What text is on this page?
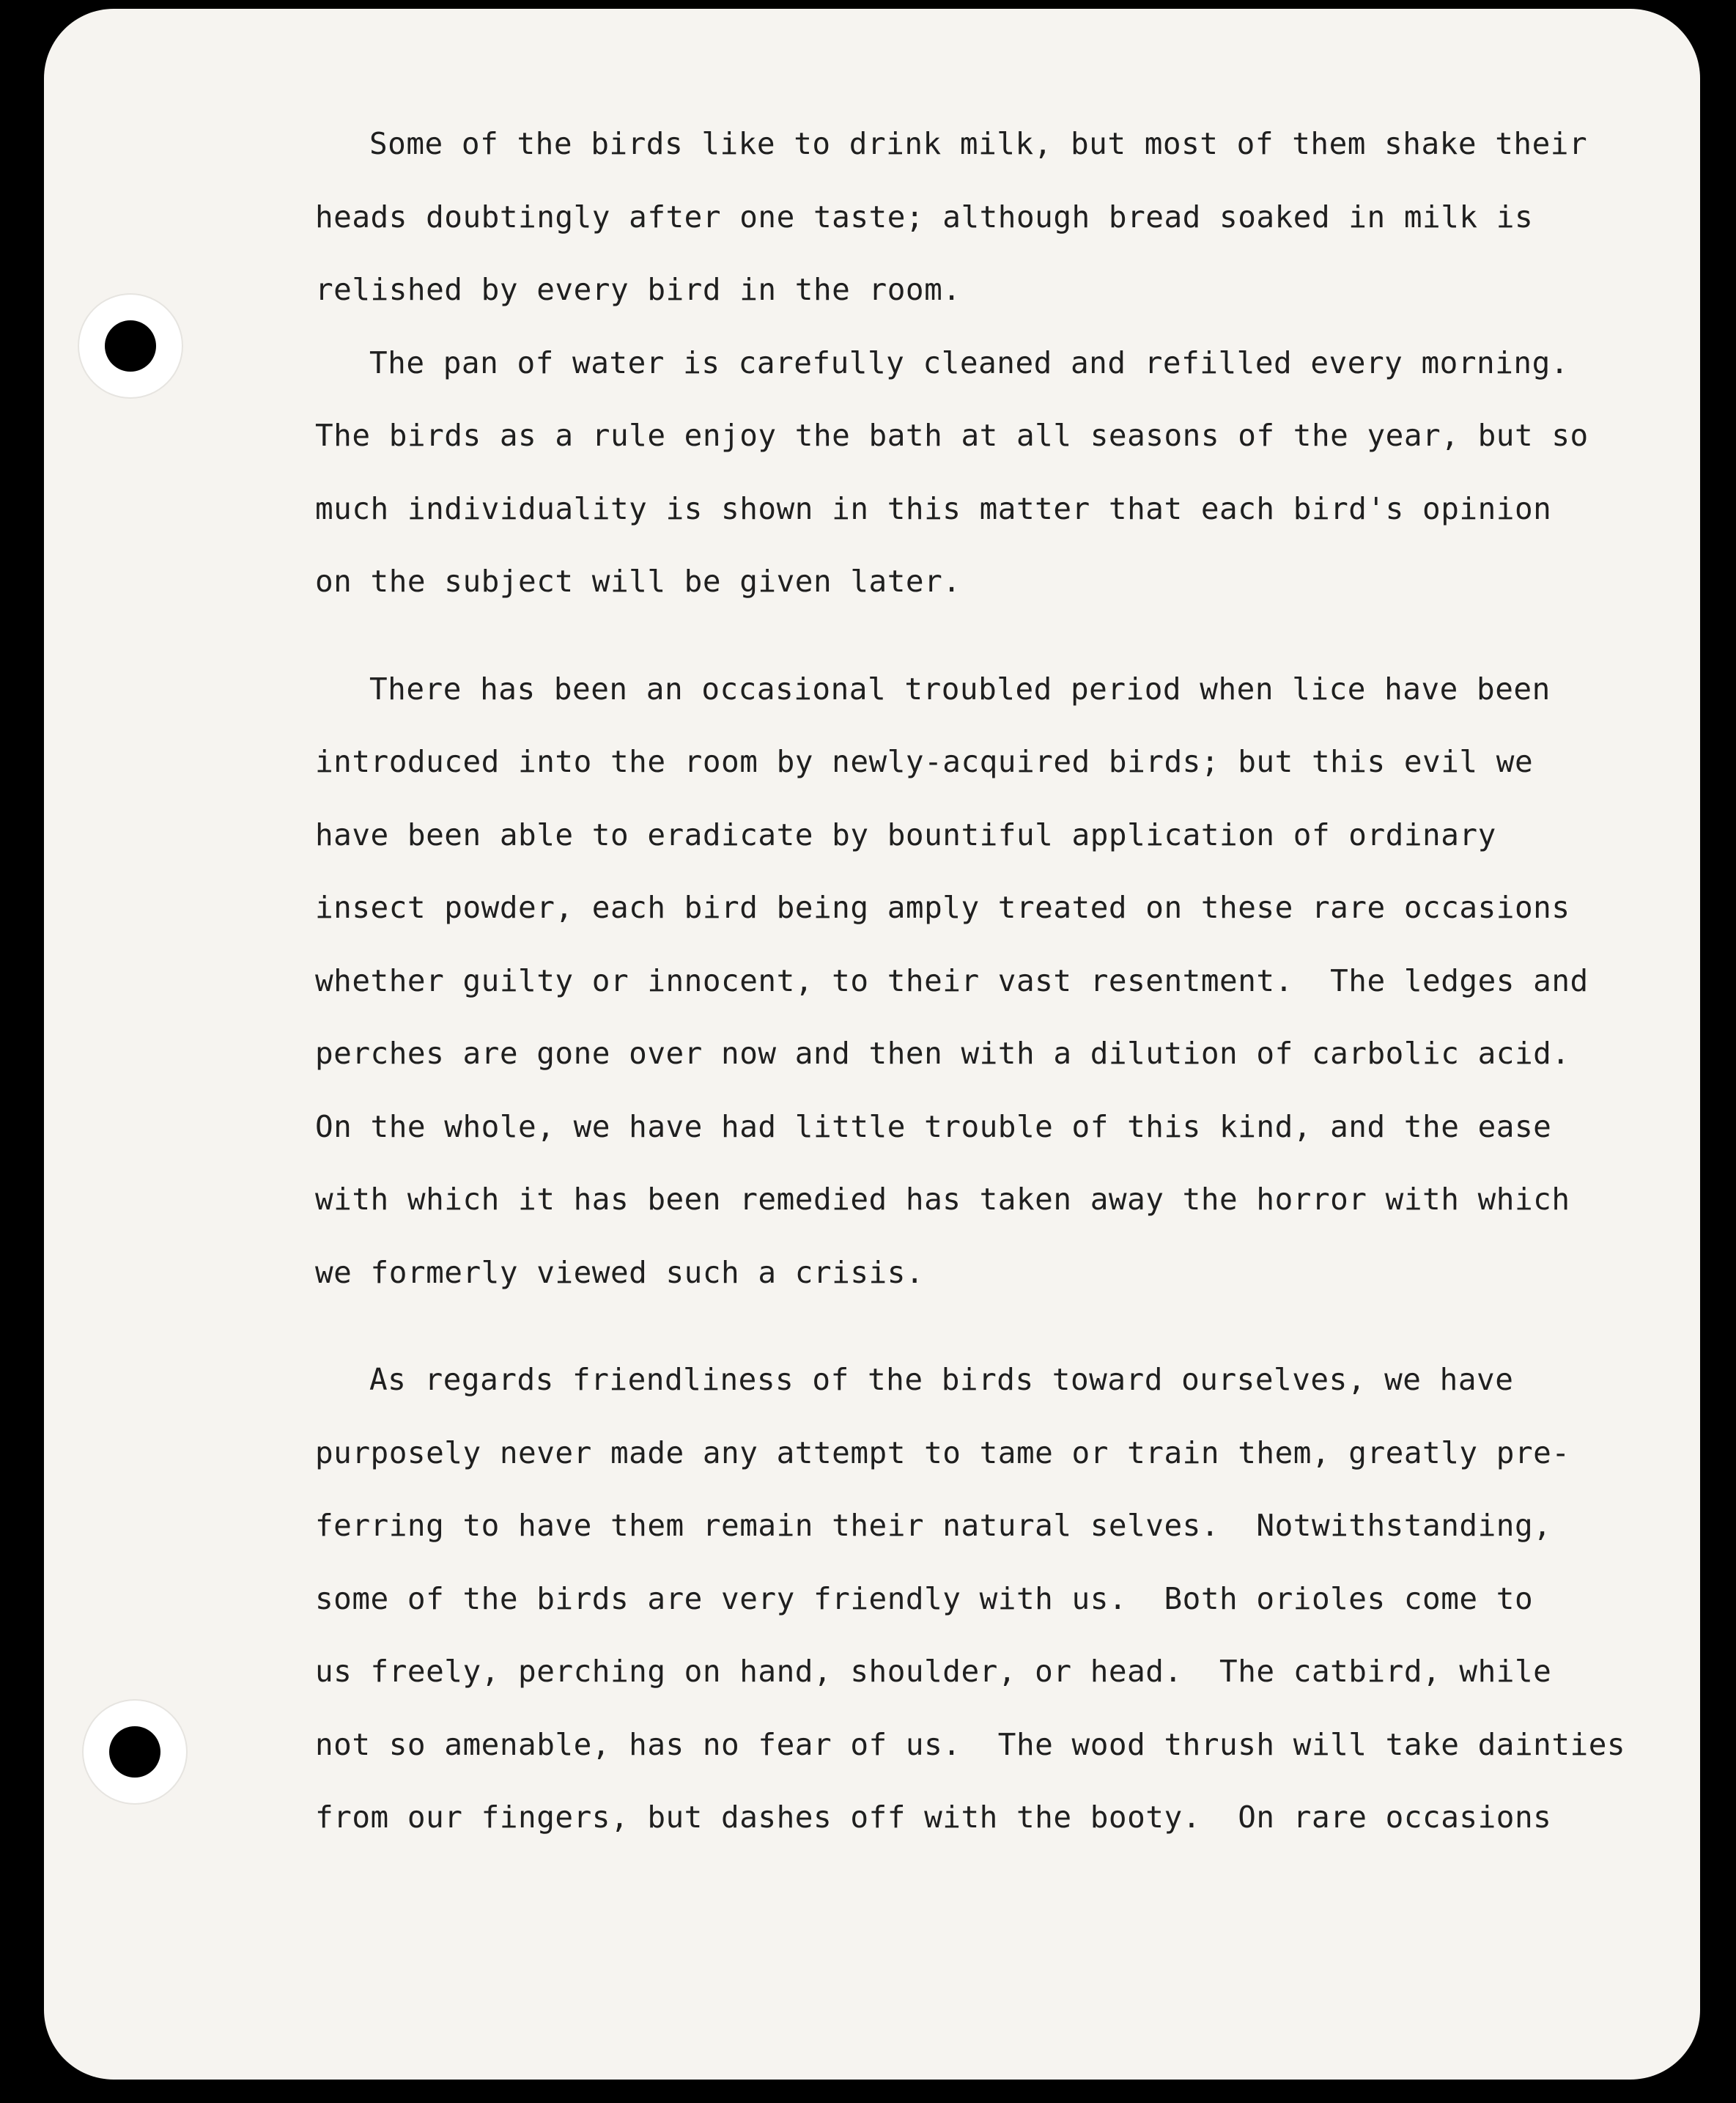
Some of the birds like to drink milk, but most of them shake their
heads doubtingly after one taste; although bread soaked in milk is
relished by every bird in the room.
The pan of water is carefully cleaned and refilled every morning.
The birds as a rule enjoy the bath at all seasons of the year, but so
much individuality is shown in this matter that each bird's opinion
on the subject will be given later.
There has been an occasional troubled period when lice have been
introduced into the room by newly-acquired birds; but this evil we
have been able to eradicate by bountiful application of ordinary
insect powder, each bird being amply treated on these rare occasions
whether guilty or innocent, to their vast resentment.  The ledges and
perches are gone over now and then with a dilution of carbolic acid.
On the whole, we have had little trouble of this kind, and the ease
with which it has been remedied has taken away the horror with which
we formerly viewed such a crisis.
As regards friendliness of the birds toward ourselves, we have
purposely never made any attempt to tame or train them, greatly pre-
ferring to have them remain their natural selves.  Notwithstanding,
some of the birds are very friendly with us.  Both orioles come to
us freely, perching on hand, shoulder, or head.  The catbird, while
not so amenable, has no fear of us.  The wood thrush will take dainties
from our fingers, but dashes off with the booty.  On rare occasions
